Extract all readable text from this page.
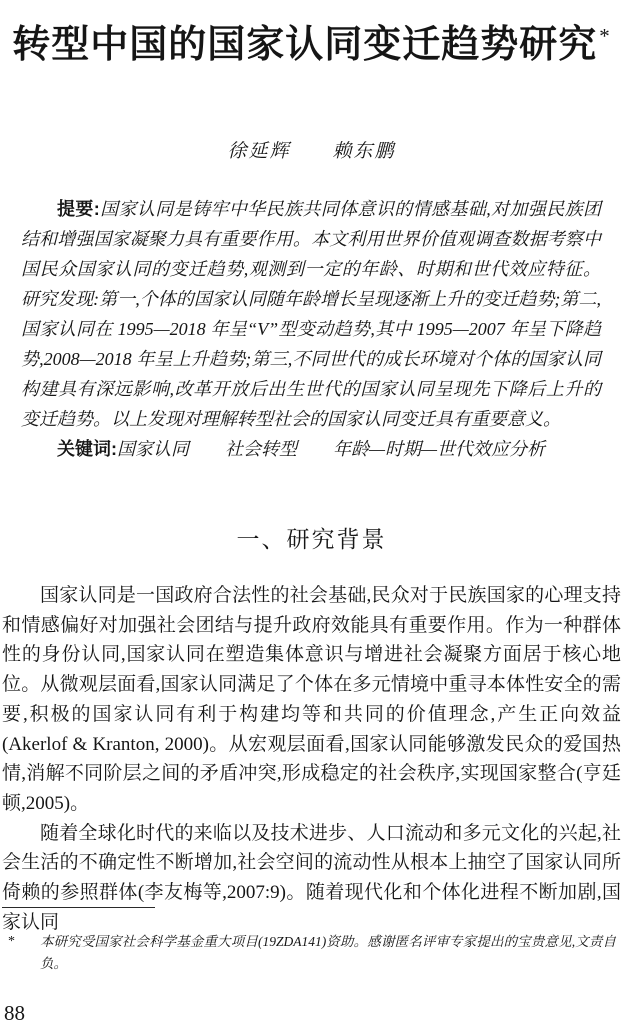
转型中国的国家认同变迁趋势研究*
徐延辉　　赖东鹏

提要:国家认同是铸牢中华民族共同体意识的情感基础,对加强民族团结和增强国家凝聚力具有重要作用。本文利用世界价值观调查数据考察中国民众国家认同的变迁趋势,观测到一定的年龄、时期和世代效应特征。研究发现:第一,个体的国家认同随年龄增长呈现逐渐上升的变迁趋势;第二,国家认同在 1995—2018 年呈“V”型变动趋势,其中 1995—2007 年呈下降趋势,2008—2018 年呈上升趋势;第三,不同世代的成长环境对个体的国家认同构建具有深远影响,改革开放后出生世代的国家认同呈现先下降后上升的变迁趋势。以上发现对理解转型社会的国家认同变迁具有重要意义。

关键词:国家认同　　社会转型　　年龄—时期—世代效应分析

一、研究背景

国家认同是一国政府合法性的社会基础,民众对于民族国家的心理支持和情感偏好对加强社会团结与提升政府效能具有重要作用。作为一种群体性的身份认同,国家认同在塑造集体意识与增进社会凝聚方面居于核心地位。从微观层面看,国家认同满足了个体在多元情境中重寻本体性安全的需要,积极的国家认同有利于构建均等和共同的价值理念,产生正向效益(Akerlof & Kranton, 2000)。从宏观层面看,国家认同能够激发民众的爱国热情,消解不同阶层之间的矛盾冲突,形成稳定的社会秩序,实现国家整合(亨廷顿,2005)。

随着全球化时代的来临以及技术进步、人口流动和多元文化的兴起,社会生活的不确定性不断增加,社会空间的流动性从根本上抽空了国家认同所倚赖的参照群体(李友梅等,2007:9)。随着现代化和个体化进程不断加剧,国家认同

* 本研究受国家社会科学基金重大项目(19ZDA141)资助。感谢匿名评审专家提出的宝贵意见,文责自负。
88
